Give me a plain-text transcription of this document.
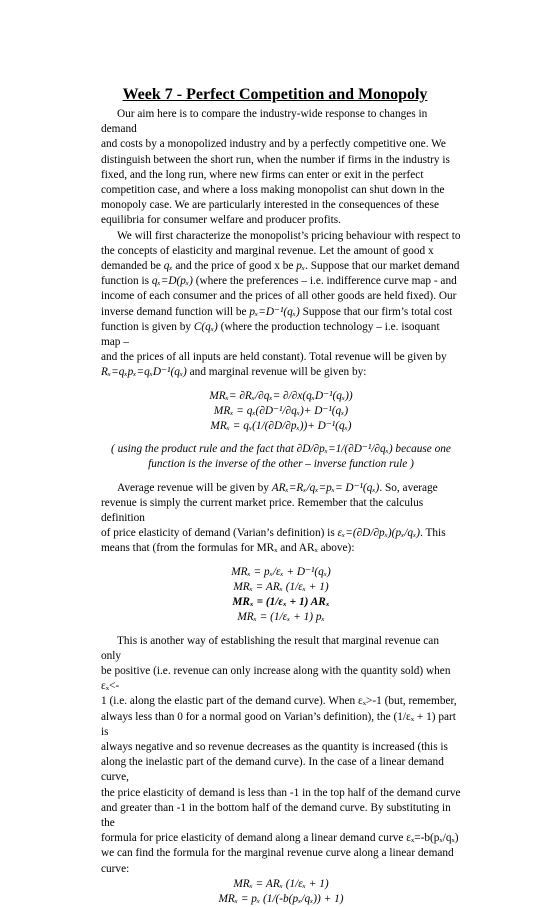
Week 7 - Perfect Competition and Monopoly

Our aim here is to compare the industry-wide response to changes in demand

and costs by a monopolized industry and by a perfectly competitive one. We

distinguish between the short run, when the number if firms in the industry is

fixed, and the long run, where new firms can enter or exit in the perfect

competition case, and where a loss making monopolist can shut down in the

monopoly case. We are particularly interested in the consequences of these

equilibria for consumer welfare and producer profits.

We will first characterize the monopolist’s pricing behaviour with respect to

the concepts of elasticity and marginal revenue. Let the amount of good x

demanded be qₓ and the price of good x be pₓ. Suppose that our market demand

function is qₓ=D(pₓ) (where the preferences – i.e. indifference curve map - and

income of each consumer and the prices of all other goods are held fixed). Our

inverse demand function will be pₓ=D⁻¹(qₓ) Suppose that our firm’s total cost

function is given by C(qₓ) (where the production technology – i.e. isoquant map –

and the prices of all inputs are held constant). Total revenue will be given by

Rₓ=qₓpₓ=qₓD⁻¹(qₓ) and marginal revenue will be given by:

MRₓ= ∂Rₓ/∂qₓ= ∂/∂x(qₓD⁻¹(qₓ))

MRₓ = qₓ(∂D⁻¹/∂qₓ)+ D⁻¹(qₓ)

MRₓ = qₓ(1/(∂D/∂pₓ))+ D⁻¹(qₓ)

( using the product rule and the fact that ∂D/∂pₓ=1/(∂D⁻¹/∂qₓ) because one

function is the inverse of the other – inverse function rule )

Average revenue will be given by ARₓ=Rₓ/qₓ=pₓ= D⁻¹(qₓ). So, average

revenue is simply the current market price. Remember that the calculus definition

of price elasticity of demand (Varian’s definition) is εₓ=(∂D/∂pₓ)(pₓ/qₓ). This

means that (from the formulas for MRₓ and ARₓ above):

MRₓ = pₓ/εₓ + D⁻¹(qₓ)

MRₓ = ARₓ (1/εₓ + 1)

MRₓ = (1/εₓ + 1) ARₓ

MRₓ = (1/εₓ + 1) pₓ

This is another way of establishing the result that marginal revenue can only

be positive (i.e. revenue can only increase along with the quantity sold) when εₓ<-

1 (i.e. along the elastic part of the demand curve). When εₓ>-1 (but, remember,

always less than 0 for a normal good on Varian’s definition), the (1/εₓ + 1) part is

always negative and so revenue decreases as the quantity is increased (this is

along the inelastic part of the demand curve). In the case of a linear demand curve,

the price elasticity of demand is less than -1 in the top half of the demand curve

and greater than -1 in the bottom half of the demand curve. By substituting in the

formula for price elasticity of demand along a linear demand curve εₓ=-b(pₓ/qₓ)

we can find the formula for the marginal revenue curve along a linear demand

curve:

MRₓ = ARₓ (1/εₓ + 1)

MRₓ = pₓ (1/(-b(pₓ/qₓ)) + 1)
